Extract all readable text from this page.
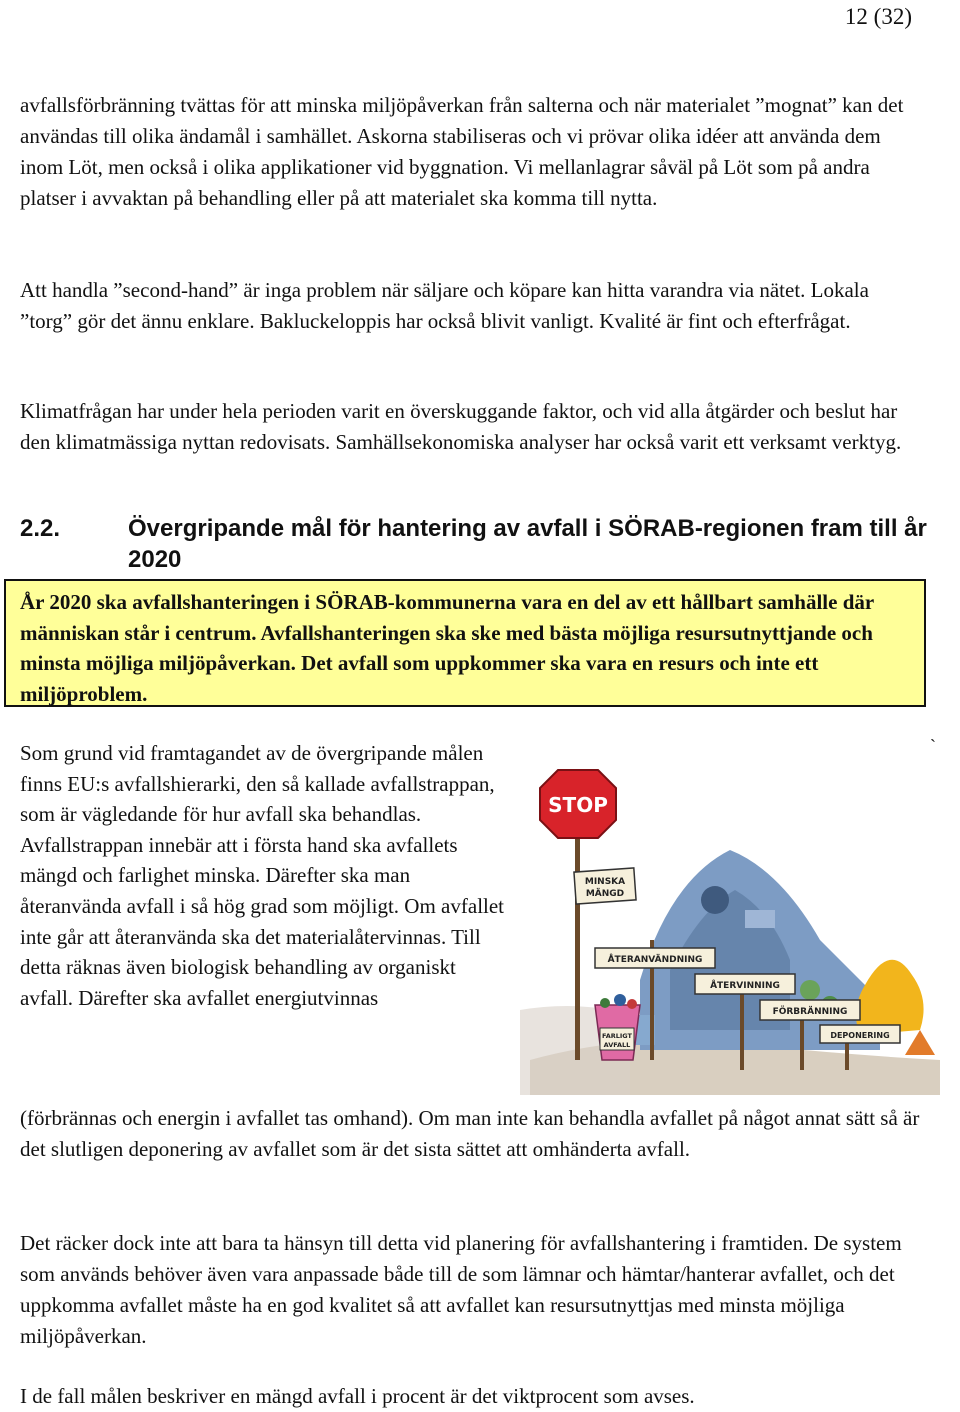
12 (32)

avfallsförbränning tvättas för att minska miljöpåverkan från salterna och när materialet ”mognat” kan det användas till olika ändamål i samhället. Askorna stabiliseras och vi prövar olika idéer att använda dem inom Löt, men också i olika applikationer vid byggnation. Vi mellanlagrar såväl på Löt som på andra platser i avvaktan på behandling eller på att materialet ska komma till nytta.

Att handla ”second-hand” är inga problem när säljare och köpare kan hitta varandra via nätet. Lokala ”torg” gör det ännu enklare. Bakluckeloppis har också blivit vanligt. Kvalité är fint och efterfrågat.

Klimatfrågan har under hela perioden varit en överskuggande faktor, och vid alla åtgärder och beslut har den klimatmässiga nyttan redovisats. Samhällsekonomiska analyser har också varit ett verksamt verktyg.

2.2.	Övergripande mål för hantering av avfall i SÖRAB-regionen fram till år 2020
År 2020 ska avfallshanteringen i SÖRAB-kommunerna vara en del av ett hållbart samhälle där människan står i centrum. Avfallshanteringen ska ske med bästa möjliga resursutnyttjande och minsta möjliga miljöpåverkan. Det avfall som uppkommer ska vara en resurs och inte ett miljöproblem.

Som grund vid framtagandet av de övergripande målen finns EU:s avfallshierarki, den så kallade avfallstrappan, som är vägledande för hur avfall ska behandlas. Avfallstrappan innebär att i första hand ska avfallets mängd och farlighet minska. Därefter ska man återanvända avfall i så hög grad som möjligt. Om avfallet inte går att återanvända ska det materialåtervinnas. Till detta räknas även biologisk behandling av organiskt avfall. Därefter ska avfallet energiutvinnas

`
STOP
MINSKA
MÄNGD
ÅTERANVÄNDNING
ÅTERVINNING
FÖRBRÄNNING
DEPONERING
FARLIGT
AVFALL

(förbrännas och energin i avfallet tas omhand). Om man inte kan behandla avfallet på något annat sätt så är det slutligen deponering av avfallet som är det sista sättet att omhänderta avfall.

Det räcker dock inte att bara ta hänsyn till detta vid planering för avfallshantering i framtiden. De system som används behöver även vara anpassade både till de som lämnar och hämtar/hanterar avfallet, och det uppkomma avfallet måste ha en god kvalitet så att avfallet kan resursutnyttjas med minsta möjliga miljöpåverkan.

I de fall målen beskriver en mängd avfall i procent är det viktprocent som avses.
